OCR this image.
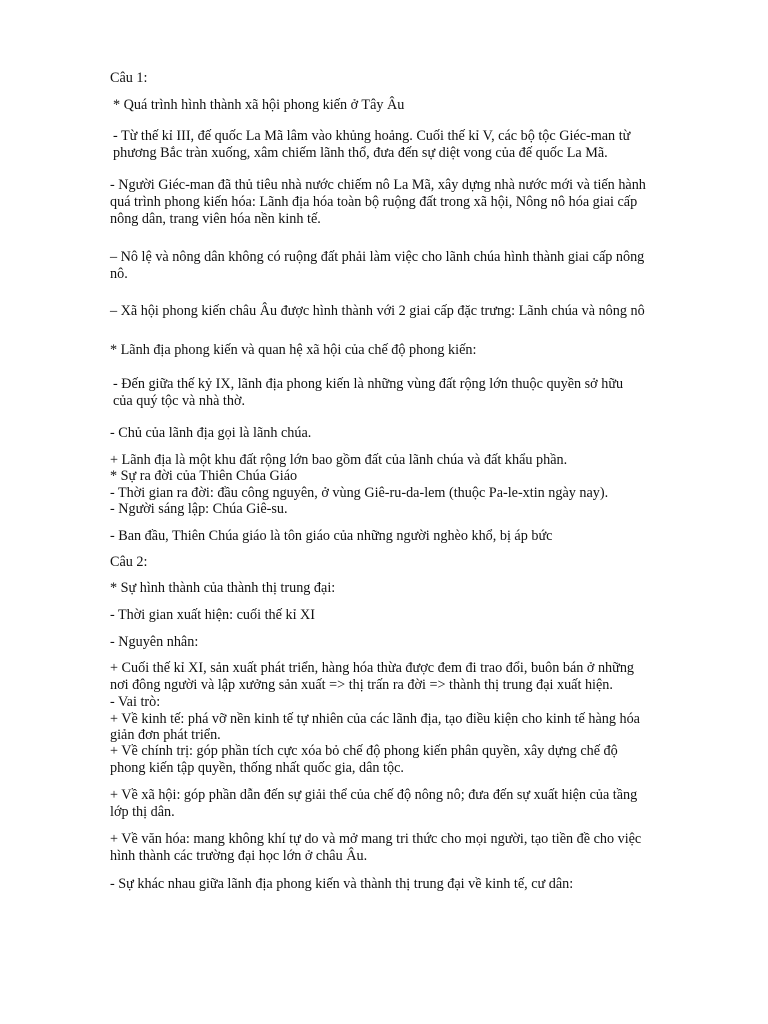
Câu 1:

* Quá trình hình thành xã hội phong kiến ở Tây Âu

- Từ thế kỉ III, đế quốc La Mã lâm vào khủng hoảng. Cuối thế kỉ V, các bộ tộc Giéc-man từ

phương Bắc tràn xuống, xâm chiếm lãnh thổ, đưa đến sự diệt vong của đế quốc La Mã.

- Người Giéc-man đã thủ tiêu nhà nước chiếm nô La Mã, xây dựng nhà nước mới và tiến hành

quá trình phong kiến hóa: Lãnh địa hóa toàn bộ ruộng đất trong xã hội, Nông nô hóa giai cấp

nông dân, trang viên hóa nền kinh tế.

– Nô lệ và nông dân không có ruộng đất phải làm việc cho lãnh chúa hình thành giai cấp nông

nô.

– Xã hội phong kiến châu Âu được hình thành với 2 giai cấp đặc trưng: Lãnh chúa và nông nô

* Lãnh địa phong kiến và quan hệ xã hội của chế độ phong kiến:

- Đến giữa thế kỷ IX, lãnh địa phong kiến là những vùng đất rộng lớn thuộc quyền sở hữu

của quý tộc và nhà thờ.

- Chủ của lãnh địa gọi là lãnh chúa.

+ Lãnh địa là một khu đất rộng lớn bao gồm đất của lãnh chúa và đất khẩu phần.

* Sự ra đời của Thiên Chúa Giáo

- Thời gian ra đời: đầu công nguyên, ở vùng Giê-ru-da-lem (thuộc Pa-le-xtin ngày nay).

- Người sáng lập: Chúa Giê-su.

- Ban đầu, Thiên Chúa giáo là tôn giáo của những người nghèo khổ, bị áp bức

Câu 2:

* Sự hình thành của thành thị trung đại:

- Thời gian xuất hiện: cuối thế kỉ XI

- Nguyên nhân:

+ Cuối thế kỉ XI, sản xuất phát triển, hàng hóa thừa được đem đi trao đổi, buôn bán ở những

nơi đông người và lập xưởng sản xuất => thị trấn ra đời => thành thị trung đại xuất hiện.

- Vai trò:

+ Về kinh tế: phá vỡ nền kinh tế tự nhiên của các lãnh địa, tạo điều kiện cho kinh tế hàng hóa

giản đơn phát triển.

+ Về chính trị: góp phần tích cực xóa bỏ chế độ phong kiến phân quyền, xây dựng chế độ

phong kiến tập quyền, thống nhất quốc gia, dân tộc.

+ Về xã hội: góp phần dẫn đến sự giải thể của chế độ nông nô; đưa đến sự xuất hiện của tầng

lớp thị dân.

+ Về văn hóa: mang không khí tự do và mở mang tri thức cho mọi người, tạo tiền đề cho việc

hình thành các trường đại học lớn ở châu Âu.

- Sự khác nhau giữa lãnh địa phong kiến và thành thị trung đại về kinh tế, cư dân:
